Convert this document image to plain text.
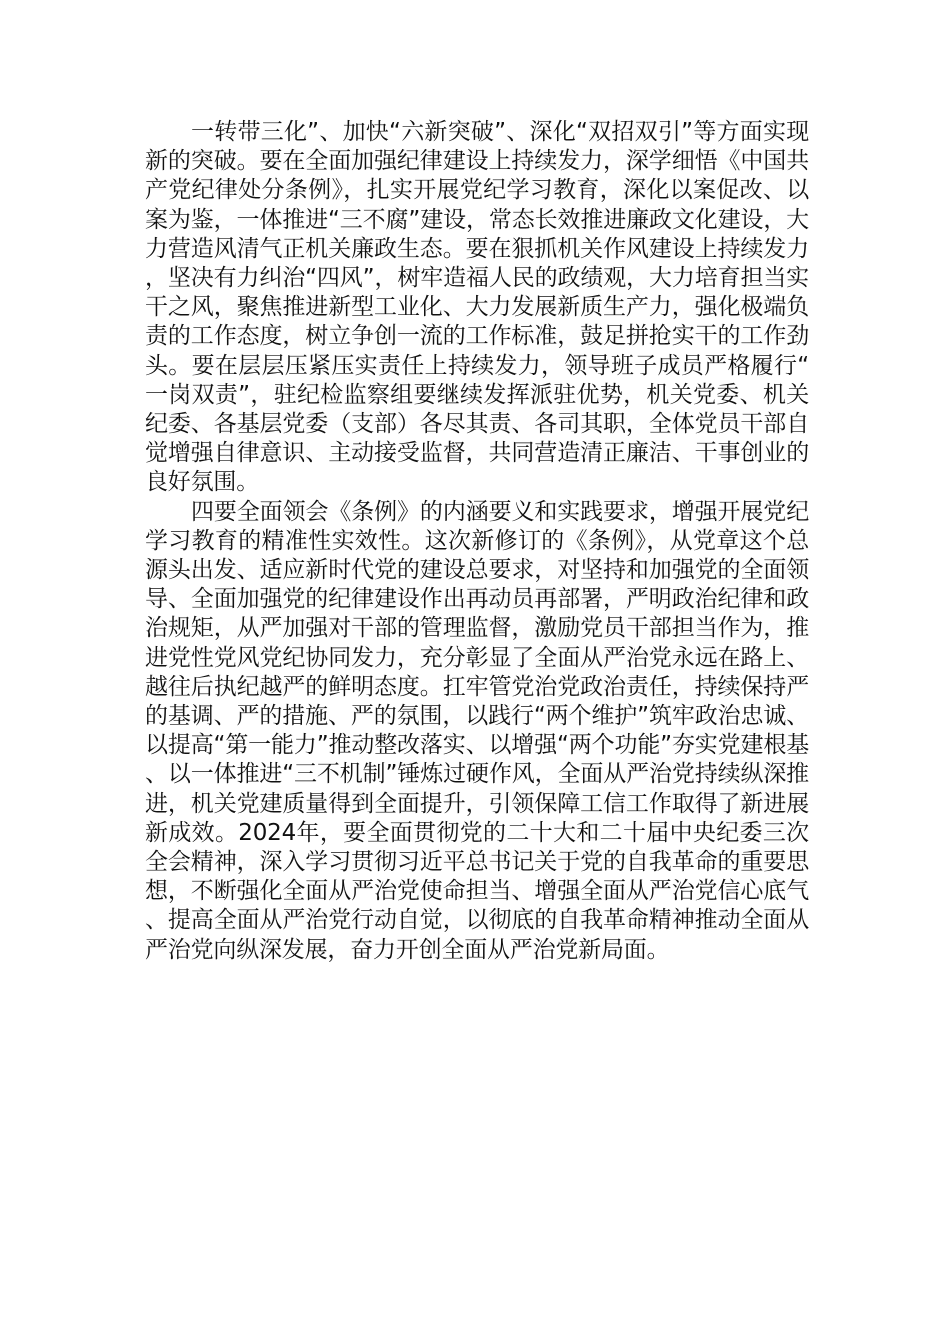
一转带三化”、加快“六新突破”、深化“双招双引”等方面实现新的突破。要在全面加强纪律建设上持续发力，深学细悟《中国共产党纪律处分条例》，扎实开展党纪学习教育，深化以案促改、以案为鉴，一体推进“三不腐”建设，常态长效推进廉政文化建设，大力营造风清气正机关廉政生态。要在狠抓机关作风建设上持续发力，坚决有力纠治“四风”，树牢造福人民的政绩观，大力培育担当实干之风，聚焦推进新型工业化、大力发展新质生产力，强化极端负责的工作态度，树立争创一流的工作标准，鼓足拼抢实干的工作劲头。要在层层压紧压实责任上持续发力，领导班子成员严格履行“一岗双责”，驻纪检监察组要继续发挥派驻优势，机关党委、机关纪委、各基层党委（支部）各尽其责、各司其职，全体党员干部自觉增强自律意识、主动接受监督，共同营造清正廉洁、干事创业的良好氛围。

四要全面领会《条例》的内涵要义和实践要求，增强开展党纪学习教育的精准性实效性。这次新修订的《条例》，从党章这个总源头出发、适应新时代党的建设总要求，对坚持和加强党的全面领导、全面加强党的纪律建设作出再动员再部署，严明政治纪律和政治规矩，从严加强对干部的管理监督，激励党员干部担当作为，推进党性党风党纪协同发力，充分彰显了全面从严治党永远在路上、越往后执纪越严的鲜明态度。扛牢管党治党政治责任，持续保持严的基调、严的措施、严的氛围，以践行“两个维护”筑牢政治忠诚、以提高“第一能力”推动整改落实、以增强“两个功能”夯实党建根基、以一体推进“三不机制”锤炼过硬作风，全面从严治党持续纵深推进，机关党建质量得到全面提升，引领保障工信工作取得了新进展新成效。2024年，要全面贯彻党的二十大和二十届中央纪委三次全会精神，深入学习贯彻习近平总书记关于党的自我革命的重要思想，不断强化全面从严治党使命担当、增强全面从严治党信心底气、提高全面从严治党行动自觉，以彻底的自我革命精神推动全面从严治党向纵深发展，奋力开创全面从严治党新局面。
